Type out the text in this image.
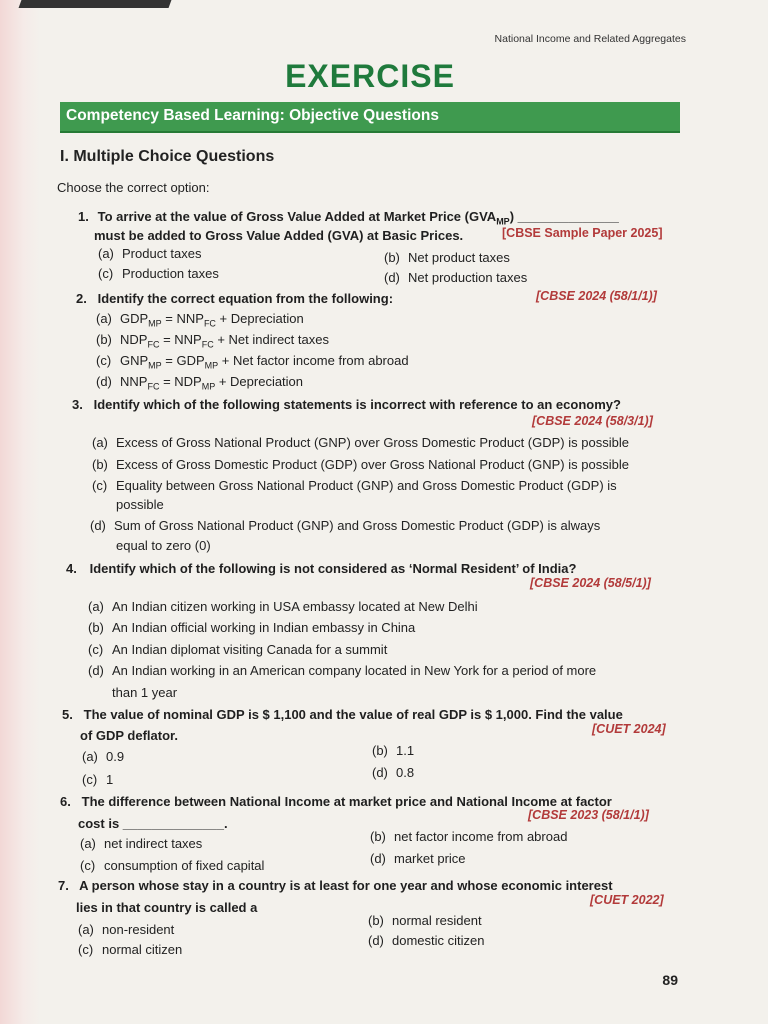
National Income and Related Aggregates
EXERCISE
Competency Based Learning: Objective Questions
I. Multiple Choice Questions
Choose the correct option:
1. To arrive at the value of Gross Value Added at Market Price $(GVA_{MP})$ ______________
must be added to Gross Value Added (GVA) at Basic Prices.	[CBSE Sample Paper 2025]
(a) Product taxes	(b) Net product taxes
(c) Production taxes	(d) Net production taxes
2. Identify the correct equation from the following:	[CBSE 2024 (58/1/1)]
(a) $GDP_{MP} = NNP_{FC}$ + Depreciation
(b) $NDP_{FC} = NNP_{FC}$ + Net indirect taxes
(c) $GNP_{MP} = GDP_{MP}$ + Net factor income from abroad
(d) $NNP_{FC} = NDP_{MP}$ + Depreciation
3. Identify which of the following statements is incorrect with reference to an economy?
[CBSE 2024 (58/3/1)]
(a) Excess of Gross National Product (GNP) over Gross Domestic Product (GDP) is possible
(b) Excess of Gross Domestic Product (GDP) over Gross National Product (GNP) is possible
(c) Equality between Gross National Product (GNP) and Gross Domestic Product (GDP) is
possible
(d) Sum of Gross National Product (GNP) and Gross Domestic Product (GDP) is always
equal to zero (0)
4. Identify which of the following is not considered as ‘Normal Resident’ of India?
[CBSE 2024 (58/5/1)]
(a) An Indian citizen working in USA embassy located at New Delhi
(b) An Indian official working in Indian embassy in China
(c) An Indian diplomat visiting Canada for a summit
(d) An Indian working in an American company located in New York for a period of more
than 1 year
5. The value of nominal GDP is $ 1,100 and the value of real GDP is $ 1,000. Find the value
of GDP deflator.	[CUET 2024]
(a) 0.9	(b) 1.1
(c) 1	(d) 0.8
6. The difference between National Income at market price and National Income at factor
cost is ______________.
[CBSE 2023 (58/1/1)]
(a) net indirect taxes	(b) net factor income from abroad
(c) consumption of fixed capital	(d) market price
7. A person whose stay in a country is at least for one year and whose economic interest
lies in that country is called a	[CUET 2022]
(a) non-resident
(b) normal resident
(c) normal citizen
(d) domestic citizen
89
